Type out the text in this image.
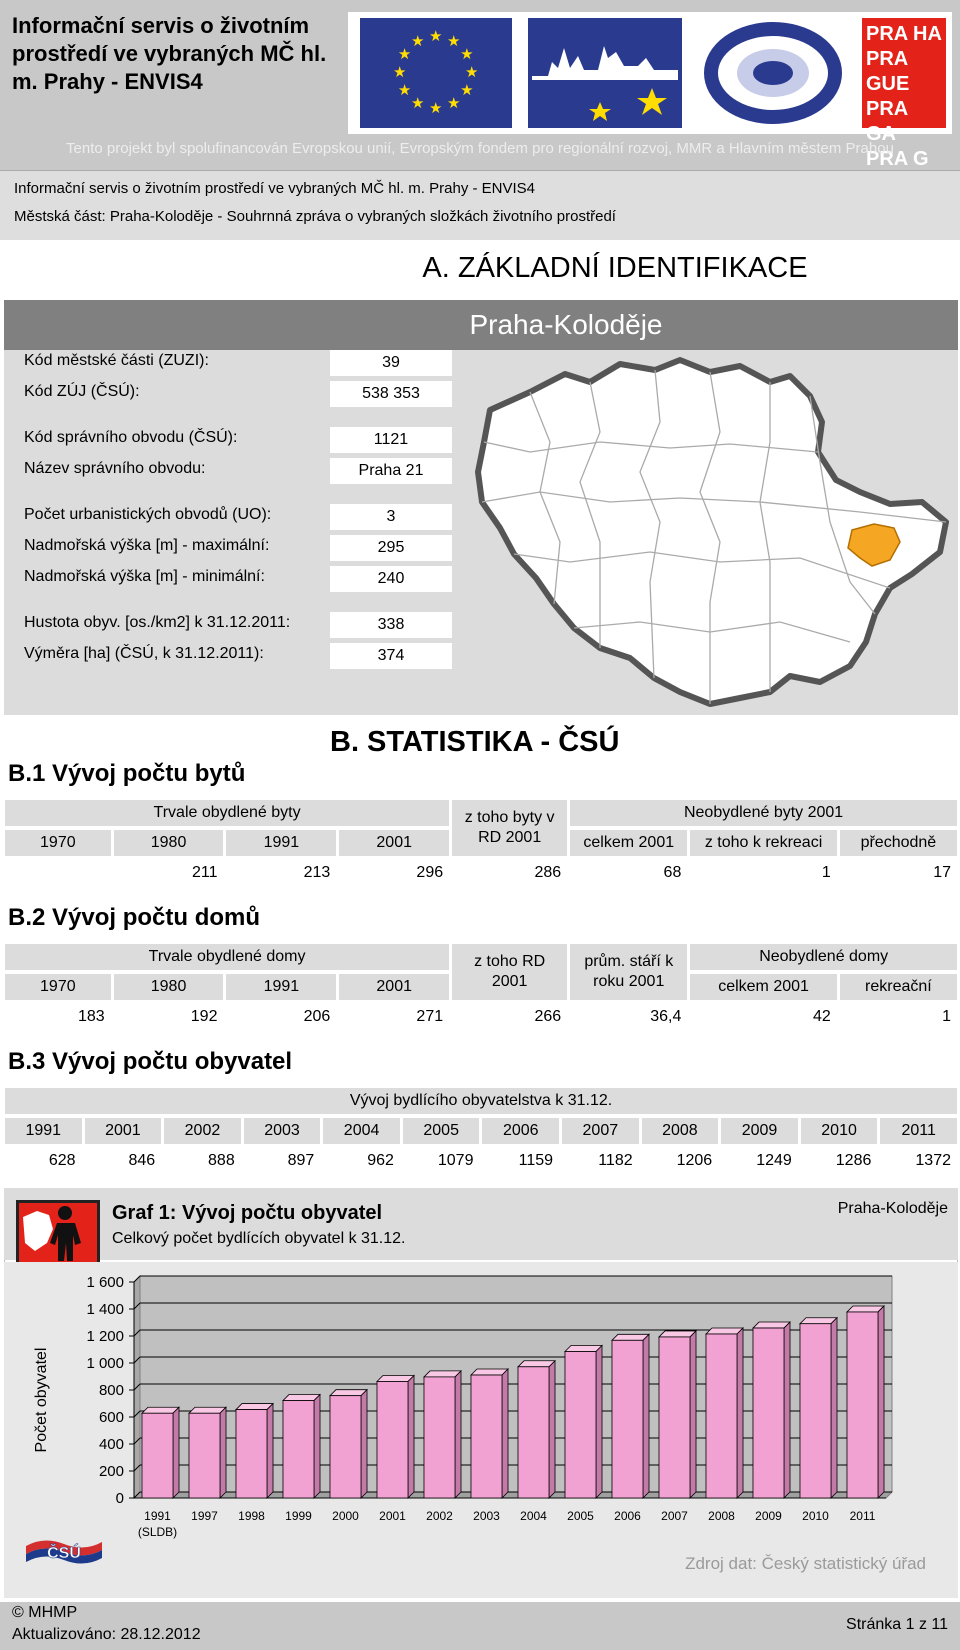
Informační servis o životním prostředí ve vybraných MČ hl. m. Prahy - ENVIS4	★
★
★
★
★
★
★
★
★ ★ ★
★
PRA HA
PRA GUE
PRA GA
PRA G
Tento projekt byl spolufinancován Evropskou unií, Evropským fondem pro regionální rozvoj, MMR a Hlavním městem Prahou
Informační servis o životním prostředí ve vybraných MČ hl. m. Prahy - ENVIS4
Městská část: Praha-Koloděje - Souhrnná zpráva o vybraných složkách životního prostředí
A. ZÁKLADNÍ IDENTIFIKACE
Praha-Koloděje
Kód městské části (ZUZI):	39
Kód ZÚJ (ČSÚ):	538 353
Kód správního obvodu (ČSÚ):	1121
Název správního obvodu:	Praha 21
Počet urbanistických obvodů (UO):	3
Nadmořská výška [m] - maximální:	295
Nadmořská výška [m] - minimální:	240
Hustota obyv. [os./km2] k 31.12.2011:	338
Výměra [ha] (ČSÚ, k 31.12.2011):	374
B. STATISTIKA - ČSÚ
B.1 Vývoj počtu bytů
Trvale obydlené byty				z toho byty v RD 2001	Neobydlené byty 2001		
1970	1980	1991	2001		celkem 2001	z toho k rekreaci	přechodně
	211	213	296	286	68	1	17
B.2 Vývoj počtu domů
Trvale obydlené domy				z toho RD 2001	prům. stáří k roku 2001	Neobydlené domy	
1970	1980	1991	2001			celkem 2001	rekreační
183	192	206	271	266	36,4	42	1
B.3 Vývoj počtu obyvatel
Vývoj bydlícího obyvatelstva k 31.12.											
1991	2001	2002	2003	2004	2005	2006	2007	2008	2009	2010	2011
628	846	888	897	962	1079	1159	1182	1206	1249	1286	1372
Graf 1: Vývoj počtu obyvatel
Celkový počet bydlících obyvatel k 31.12.
Praha-Koloděje
0
200
400
600
800
1 000
1 200
1 400
1 600
Počet obyvatel
1991
(SLDB)
1997 1998 1999 2000 2001 2002 2003 2004 2005 2006 2007 2008 2009 2010 2011
ČSÚ
Zdroj dat: Český statistický úřad
© MHMP
Aktualizováno: 28.12.2012
Stránka 1 z 11
